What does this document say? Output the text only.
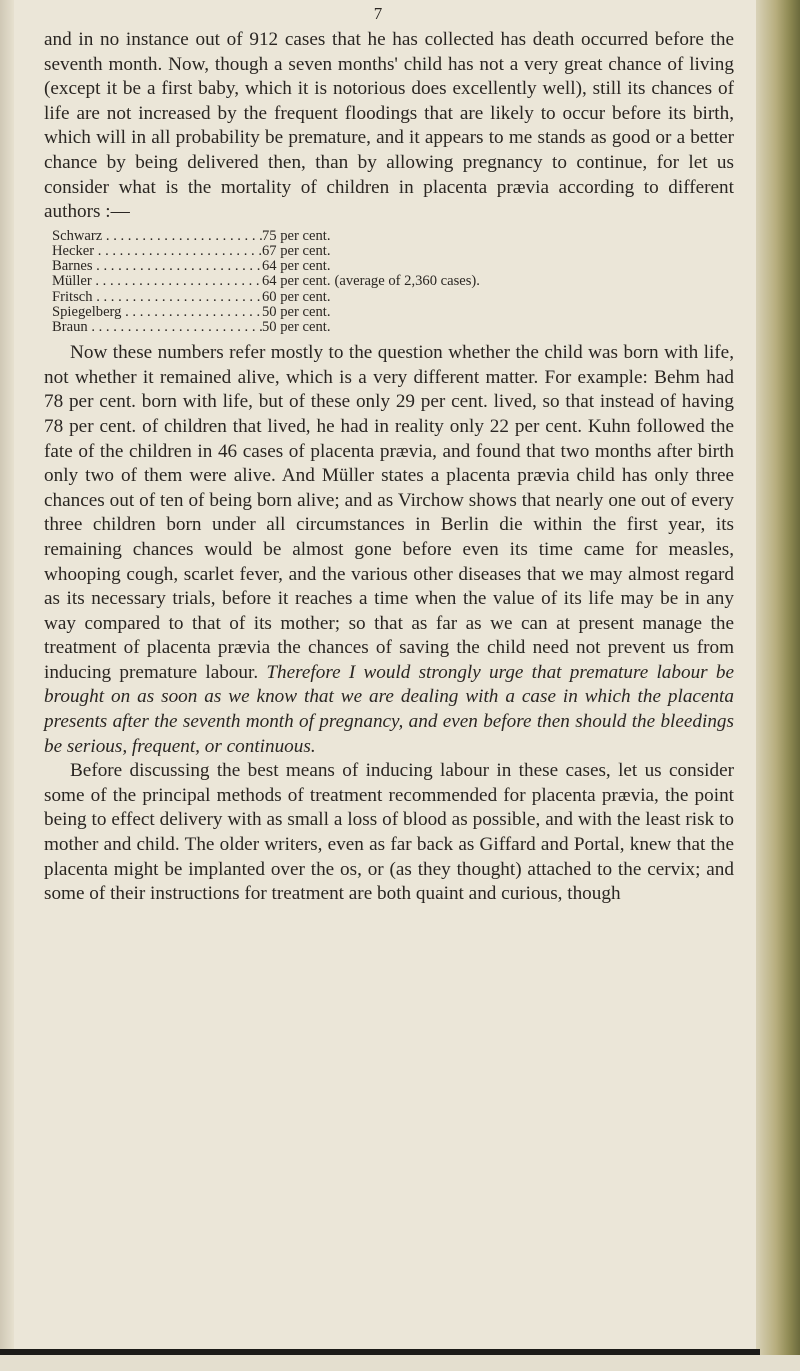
7

and in no instance out of 912 cases that he has collected has death occurred before the seventh month. Now, though a seven months' child has not a very great chance of living (except it be a first baby, which it is notorious does excellently well), still its chances of life are not increased by the frequent floodings that are likely to occur before its birth, which will in all probability be premature, and it appears to me stands as good or a better chance by being delivered then, than by allowing pregnancy to continue, for let us consider what is the mortality of children in placenta prævia according to different authors :—

Schwarz . . .	75 per cent.
Hecker . . .	67 per cent.
Barnes . . .	64 per cent.
Müller . . .	64 per cent. (average of 2,360 cases).
Fritsch . . .	60 per cent.
Spiegelberg . . .	50 per cent.
Braun . . .	50 per cent.

Now these numbers refer mostly to the question whether the child was born with life, not whether it remained alive, which is a very different matter. For example: Behm had 78 per cent. born with life, but of these only 29 per cent. lived, so that instead of having 78 per cent. of children that lived, he had in reality only 22 per cent. Kuhn followed the fate of the children in 46 cases of placenta prævia, and found that two months after birth only two of them were alive. And Müller states a placenta prævia child has only three chances out of ten of being born alive; and as Virchow shows that nearly one out of every three children born under all circumstances in Berlin die within the first year, its remaining chances would be almost gone before even its time came for measles, whooping cough, scarlet fever, and the various other diseases that we may almost regard as its necessary trials, before it reaches a time when the value of its life may be in any way compared to that of its mother; so that as far as we can at present manage the treatment of placenta prævia the chances of saving the child need not prevent us from inducing premature labour. Therefore I would strongly urge that premature labour be brought on as soon as we know that we are dealing with a case in which the placenta presents after the seventh month of pregnancy, and even before then should the bleedings be serious, frequent, or continuous.

Before discussing the best means of inducing labour in these cases, let us consider some of the principal methods of treatment recommended for placenta prævia, the point being to effect delivery with as small a loss of blood as possible, and with the least risk to mother and child. The older writers, even as far back as Giffard and Portal, knew that the placenta might be implanted over the os, or (as they thought) attached to the cervix; and some of their instructions for treatment are both quaint and curious, though
